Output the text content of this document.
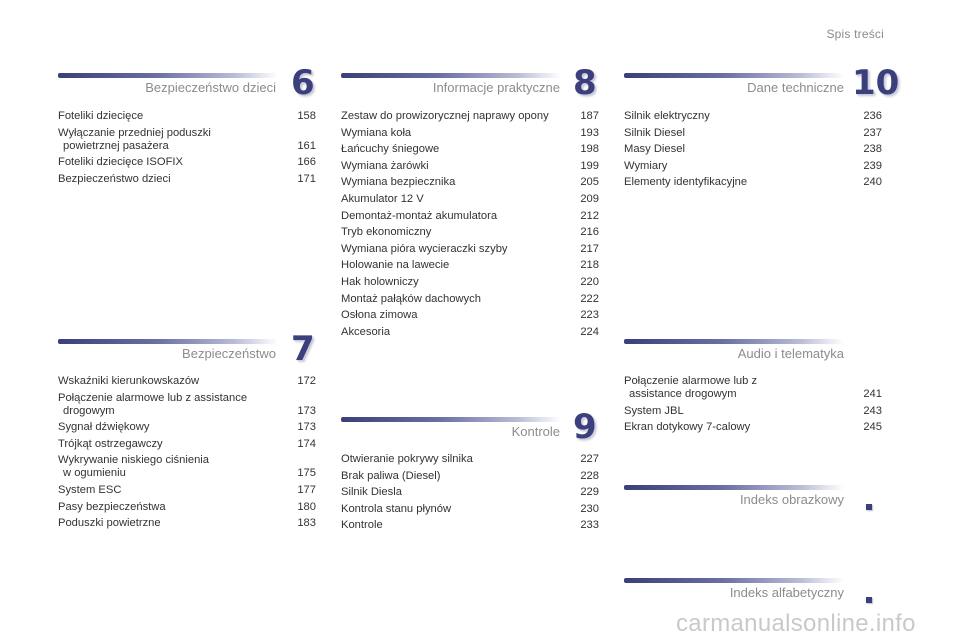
Spis treści
Bezpieczeństwo dzieci 6
Foteliki dziecięce	158
Wyłączanie przedniej poduszki
powietrznej pasażera	161
Foteliki dziecięce ISOFIX	166
Bezpieczeństwo dzieci	171
Bezpieczeństwo 7
Wskaźniki kierunkowskazów	172
Połączenie alarmowe lub z assistance
drogowym	173
Sygnał dźwiękowy	173
Trójkąt ostrzegawczy	174
Wykrywanie niskiego ciśnienia
w ogumieniu	175
System ESC	177
Pasy bezpieczeństwa	180
Poduszki powietrzne	183
Informacje praktyczne 8
Zestaw do prowizorycznej naprawy opony	187
Wymiana koła	193
Łańcuchy śniegowe	198
Wymiana żarówki	199
Wymiana bezpiecznika	205
Akumulator 12 V	209
Demontaż-montaż akumulatora	212
Tryb ekonomiczny	216
Wymiana pióra wycieraczki szyby	217
Holowanie na lawecie	218
Hak holowniczy	220
Montaż pałąków dachowych	222
Osłona zimowa	223
Akcesoria	224
Kontrole 9
Otwieranie pokrywy silnika	227
Brak paliwa (Diesel)	228
Silnik Diesla	229
Kontrola stanu płynów	230
Kontrole	233
Dane techniczne 10
Silnik elektryczny	236
Silnik Diesel	237
Masy Diesel	238
Wymiary	239
Elementy identyfikacyjne	240
Audio i telematyka
Połączenie alarmowe lub z
assistance drogowym	241
System JBL	243
Ekran dotykowy 7-calowy	245
Indeks obrazkowy
Indeks alfabetyczny
carmanualsonline.info
